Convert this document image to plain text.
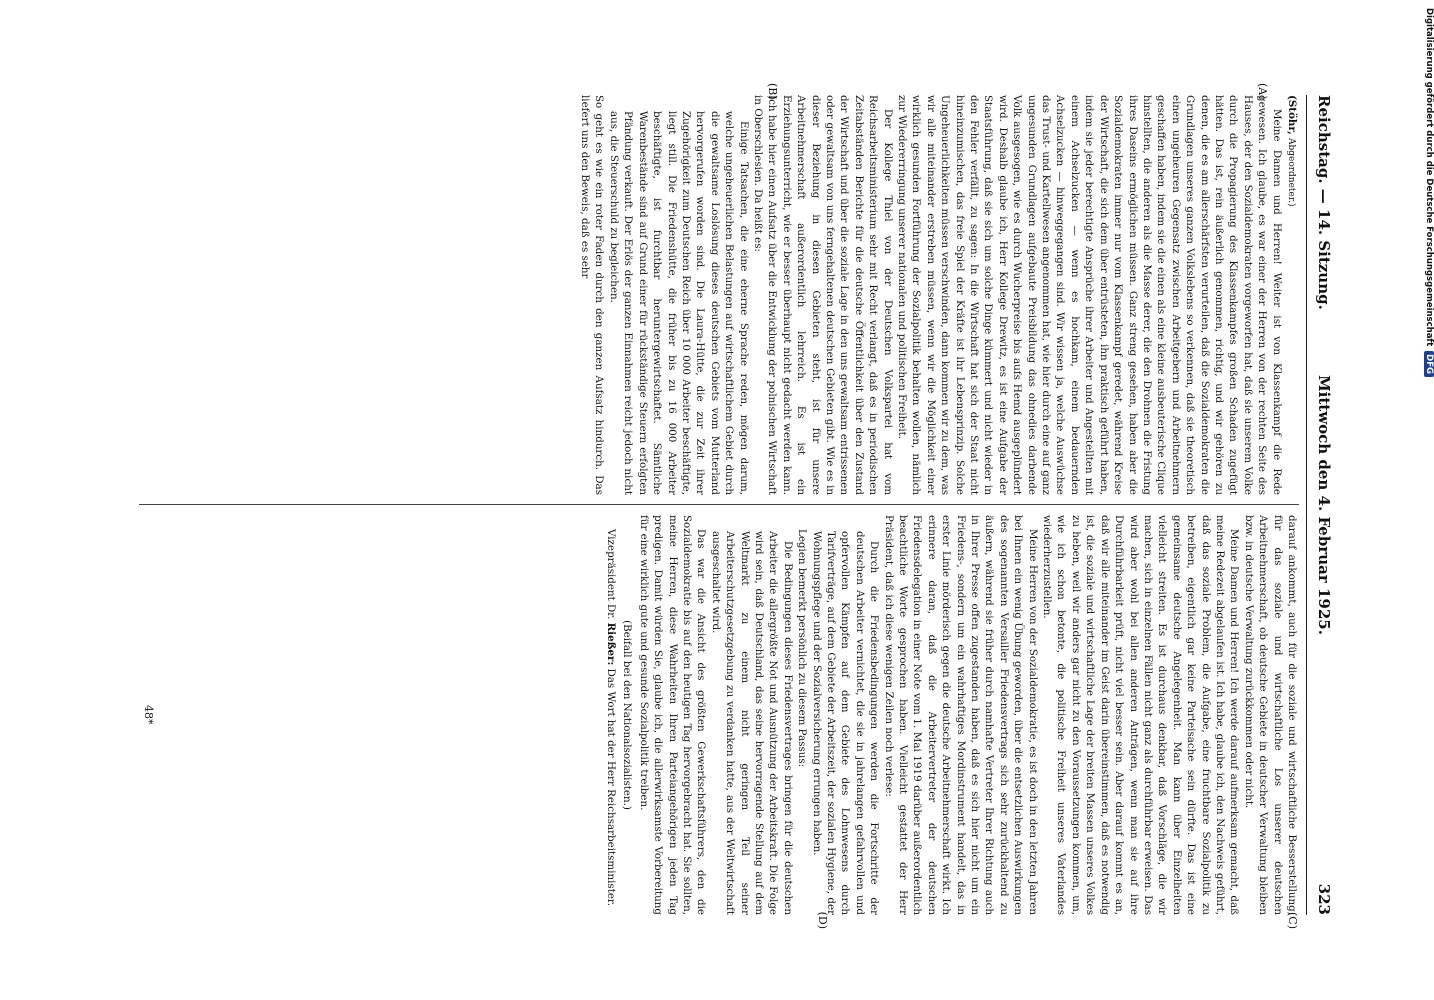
Digitalisierung gefördert durch die Deutsche Forschungsgemeinschaft DFG
Reichstag. — 14. Sitzung.
Mittwoch den 4. Februar 1925.
323
(A)
(B)

(Stöhr, Abgeordneter.)

Meine Damen und Herren! Weiter ist von Klassenkampf die Rede gewesen. Ich glaube, es war einer der Herren von der rechten Seite des Hauses, der den Sozialdemokraten vorgeworfen hat, daß sie unserem Volke durch die Propagierung des Klassenkampfes großen Schaden zugefügt hätten. Das ist, rein äußerlich genommen, richtig, und wir gehören zu denen, die es am allerschärfsten verurteilen, daß die Sozialdemokraten die Grundlagen unseres ganzen Volkslebens so verkennen, daß sie theoretisch einen ungeheuren Gegensatz zwischen Arbeitgebern und Arbeitnehmern geschaffen haben, indem sie die einen als eine kleine ausbeuterische Clique hinstellten, die anderen als die Masse derer, die den Drohnen die Fristung ihres Daseins ermöglichen müssen. Ganz streng gesehen, haben aber die Sozialdemokraten immer nur vom Klassenkampf geredet, während Kreise der Wirtschaft, die sich dem über entrüsteten, ihn praktisch geführt haben, indem sie jeder berechtigte Ansprüche ihrer Arbeiter und Angestellten mit einem Achselzucken — wenn es hochkam, einem bedauernden Achselzucken — hinweggegangen sind. Wir wissen ja, welche Auswüchse das Trust- und Kartellwesen angenommen hat, wie hier durch eine auf ganz ungesunden Grundlagen aufgebaute Preisbildung das ohnedies darbende Volk ausgesogen, wie es durch Wucherpreise bis aufs Hemd ausgeplündert wird. Deshalb glaube ich, Herr Kollege Drewitz, es ist eine Aufgabe der Staatsführung, daß sie sich um solche Dinge kümmert und nicht wieder in den Fehler verfällt, zu sagen: In die Wirtschaft hat sich der Staat nicht hineinzumischen, das freie Spiel der Kräfte ist ihr Lebensprinzip. Solche Ungeheuerlichkeiten müssen verschwinden, dann kommen wir zu dem, was wir alle miteinander erstreben müssen, wenn wir die Möglichkeit einer wirklich gesunden Fortführung der Sozialpolitik behalten wollen, nämlich zur Wiedererringung unserer nationalen und politischen Freiheit.

Der Kollege Thiel von der Deutschen Volkspartei hat vom Reichsarbeitsministerium sehr mit Recht verlangt, daß es in periodischen Zeitabständen Berichte für die deutsche Öffentlichkeit über den Zustand der Wirtschaft und über die soziale Lage in den uns gewaltsam entrissenen oder gewaltsam von uns ferngehaltenen deutschen Gebieten gibt. Wie es in dieser Beziehung in diesen Gebieten steht, ist für unsere Arbeitnehmerschaft außerordentlich lehrreich. Es ist ein Erziehungsunterricht, wie er besser überhaupt nicht gedacht werden kann. Ich habe hier einen Aufsatz über die Entwicklung der polnischen Wirtschaft in Oberschlesien. Da heißt es:

Einige Tatsachen, die eine eherne Sprache reden, mögen darum, welche ungeheuerlichen Belastungen auf wirtschaftlichem Gebiet durch die gewaltsame Loslösung dieses deutschen Gebiets vom Mutterland hervorgerufen worden sind. Die Laura-Hütte, die zur Zeit ihrer Zugehörigkeit zum Deutschen Reich über 10 000 Arbeiter beschäftigte, liegt still. Die Friedenshütte, die früher bis zu 16 000 Arbeiter beschäftigte, ist furchtbar heruntergewirtschaftet. Sämtliche Warenbestände sind auf Grund einer für rückständige Steuern erfolgten Pfändung verkauft. Der Erlös der ganzen Einnahmen reicht jedoch nicht aus, die Steuerschuld zu begleichen.

So geht es wie ein roter Faden durch den ganzen Aufsatz hindurch. Das liefert uns den Beweis, daß es sehr

(C)
(D)

darauf ankommt, auch für die soziale und wirtschaftliche Besserstellung, für das soziale und wirtschaftliche Los unserer deutschen Arbeitnehmerschaft, ob deutsche Gebiete in deutscher Verwaltung bleiben bzw. in deutsche Verwaltung zurückkommen oder nicht.

Meine Damen und Herren! Ich werde darauf aufmerksam gemacht, daß meine Redezeit abgelaufen ist. Ich habe, glaube ich, den Nachweis geführt, daß das soziale Problem, die Aufgabe, eine fruchtbare Sozialpolitik zu betreiben, eigentlich gar keine Parteisache sein dürfte. Das ist eine gemeinsame deutsche Angelegenheit. Man kann über Einzelheiten vielleicht streiten. Es ist durchaus denkbar, daß Vorschläge, die wir machen, sich in einzelnen Fällen nicht ganz als durchführbar erweisen. Das wird aber wohl bei allen anderen Anträgen, wenn man sie auf ihre Durchführbarkeit prüft, nicht viel besser sein. Aber darauf kommt es an, daß wir alle miteinander im Geist darin übereinstimmen, daß es notwendig ist, die soziale und wirtschaftliche Lage der breiten Massen unseres Volkes zu heben, weil wir anders gar nicht zu den Voraussetzungen kommen, um, wie ich schon betonte, die politische Freiheit unseres Vaterlandes wiederherzustellen.

Meine Herren von der Sozialdemokratie, es ist doch in den letzten Jahren bei Ihnen ein wenig Übung geworden, über die entsetzlichen Auswirkungen des sogenannten Versailler Friedensvertrags sich sehr zurückhaltend zu äußern, während sie früher durch namhafte Vertreter Ihrer Richtung auch in Ihrer Presse offen zugestanden haben, daß es sich hier nicht um ein Friedens-, sondern um ein wahrhaftiges Mordinstrument handelt, das in erster Linie mörderisch gegen die deutsche Arbeitnehmerschaft wirkt. Ich erinnere daran, daß die Arbeitervertreter der deutschen Friedensdelegation in einer Note vom 1. Mai 1919 darüber außerordentlich beachtliche Worte gesprochen haben. Vielleicht gestattet der Herr Präsident, daß ich diese wenigen Zeilen noch verlese:

Durch die Friedensbedingungen werden die Fortschritte der deutschen Arbeiter vernichtet, die sie in jahrelangen gefahrvollen und opfervollen Kämpfen auf dem Gebiete des Lohnwesens durch Tarifverträge, auf dem Gebiete der Arbeitszeit, der sozialen Hygiene, der Wohnungspflege und der Sozialversicherung errungen haben.

Legien bemerkt persönlich zu diesem Passus:

Die Bedingungen dieses Friedensvertrages bringen für die deutschen Arbeiter die allergrößte Not und Ausnützung der Arbeitskraft. Die Folge wird sein, daß Deutschland, das seine hervorragende Stellung auf dem Weltmarkt zu einem nicht geringen Teil seiner Arbeiterschutzgesetzgebung zu verdanken hatte, aus der Weltwirtschaft ausgeschaltet wird.

Das war die Ansicht des größten Gewerkschaftsführers, den die Sozialdemokratie bis auf den heutigen Tag hervorgebracht hat. Sie sollten, meine Herren, diese Wahrheiten Ihren Parteiangehörigen jeden Tag predigen. Damit würden Sie, glaube ich, die allerwirksamste Vorbereitung für eine wirklich gute und gesunde Sozialpolitik treiben.

(Beifall bei den Nationalsozialisten.)

Vizepräsident Dr. Rießer: Das Wort hat der Herr Reichsarbeitsminister.

48*
